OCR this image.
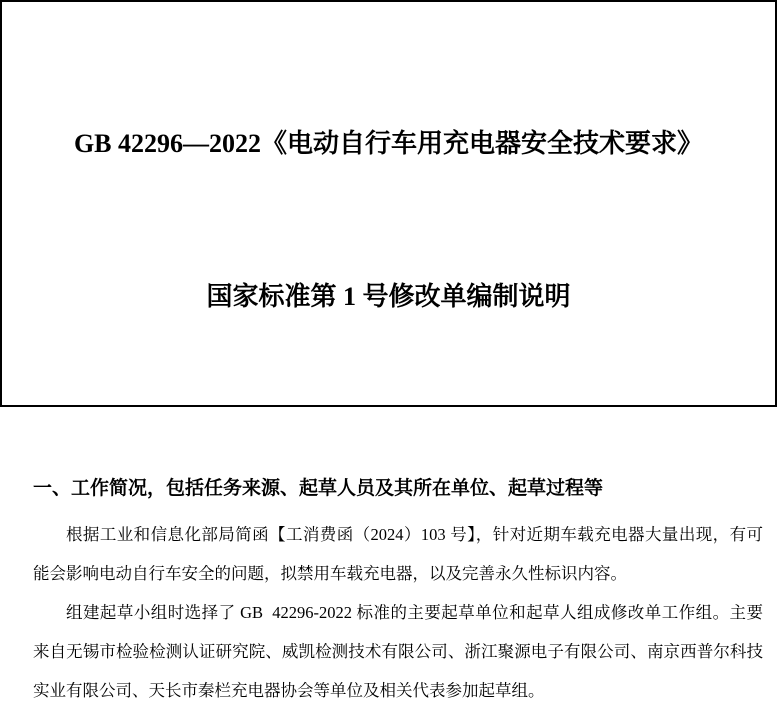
GB 42296—2022《电动自行车用充电器安全技术要求》

国家标准第 1 号修改单编制说明

一、工作简况，包括任务来源、起草人员及其所在单位、起草过程等
根据工业和信息化部局简函【工消费函（2024）103 号】，针对近期车载充电器大量出现，有可
能会影响电动自行车安全的问题，拟禁用车载充电器，以及完善永久性标识内容。
组建起草小组时选择了 GB  42296-2022 标准的主要起草单位和起草人组成修改单工作组。主要
来自无锡市检验检测认证研究院、威凯检测技术有限公司、浙江聚源电子有限公司、南京西普尔科技
实业有限公司、天长市秦栏充电器协会等单位及相关代表参加起草组。
